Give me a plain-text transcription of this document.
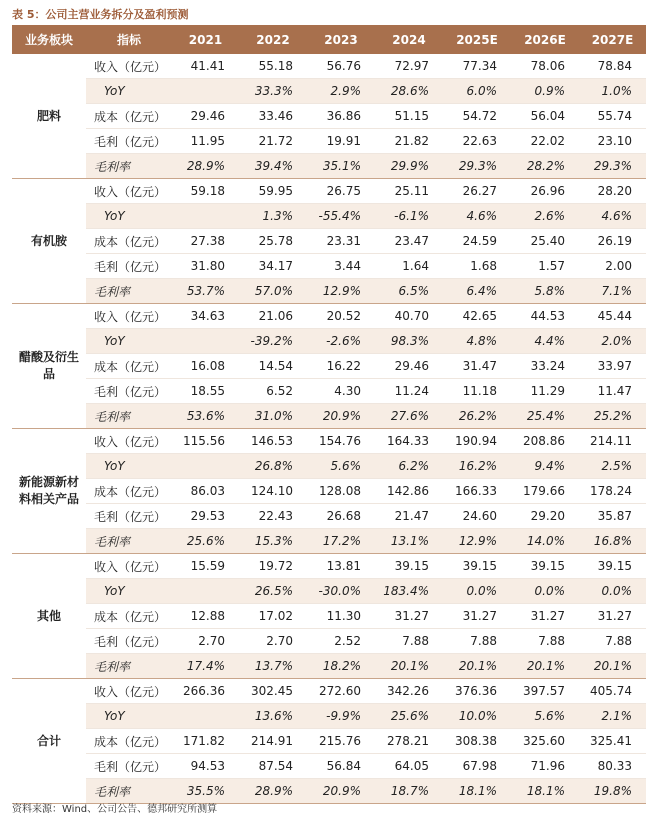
表 5：公司主营业务拆分及盈利预测
业务板块	指标	2021	2022	2023	2024	2025E	2026E	2027E
肥料	收入（亿元）	41.41	55.18	56.76	72.97	77.34	78.06	78.84
	YoY		33.3%	2.9%	28.6%	6.0%	0.9%	1.0%
	成本（亿元）	29.46	33.46	36.86	51.15	54.72	56.04	55.74
	毛利（亿元）	11.95	21.72	19.91	21.82	22.63	22.02	23.10
	毛利率	28.9%	39.4%	35.1%	29.9%	29.3%	28.2%	29.3%
有机胺	收入（亿元）	59.18	59.95	26.75	25.11	26.27	26.96	28.20
	YoY		1.3%	-55.4%	-6.1%	4.6%	2.6%	4.6%
	成本（亿元）	27.38	25.78	23.31	23.47	24.59	25.40	26.19
	毛利（亿元）	31.80	34.17	3.44	1.64	1.68	1.57	2.00
	毛利率	53.7%	57.0%	12.9%	6.5%	6.4%	5.8%	7.1%
醋酸及衍生品	收入（亿元）	34.63	21.06	20.52	40.70	42.65	44.53	45.44
	YoY		-39.2%	-2.6%	98.3%	4.8%	4.4%	2.0%
	成本（亿元）	16.08	14.54	16.22	29.46	31.47	33.24	33.97
	毛利（亿元）	18.55	6.52	4.30	11.24	11.18	11.29	11.47
	毛利率	53.6%	31.0%	20.9%	27.6%	26.2%	25.4%	25.2%
新能源新材料相关产品	收入（亿元）	115.56	146.53	154.76	164.33	190.94	208.86	214.11
	YoY		26.8%	5.6%	6.2%	16.2%	9.4%	2.5%
	成本（亿元）	86.03	124.10	128.08	142.86	166.33	179.66	178.24
	毛利（亿元）	29.53	22.43	26.68	21.47	24.60	29.20	35.87
	毛利率	25.6%	15.3%	17.2%	13.1%	12.9%	14.0%	16.8%
其他	收入（亿元）	15.59	19.72	13.81	39.15	39.15	39.15	39.15
	YoY		26.5%	-30.0%	183.4%	0.0%	0.0%	0.0%
	成本（亿元）	12.88	17.02	11.30	31.27	31.27	31.27	31.27
	毛利（亿元）	2.70	2.70	2.52	7.88	7.88	7.88	7.88
	毛利率	17.4%	13.7%	18.2%	20.1%	20.1%	20.1%	20.1%
合计	收入（亿元）	266.36	302.45	272.60	342.26	376.36	397.57	405.74
	YoY		13.6%	-9.9%	25.6%	10.0%	5.6%	2.1%
	成本（亿元）	171.82	214.91	215.76	278.21	308.38	325.60	325.41
	毛利（亿元）	94.53	87.54	56.84	64.05	67.98	71.96	80.33
	毛利率	35.5%	28.9%	20.9%	18.7%	18.1%	18.1%	19.8%
资料来源：Wind、公司公告、德邦研究所测算
